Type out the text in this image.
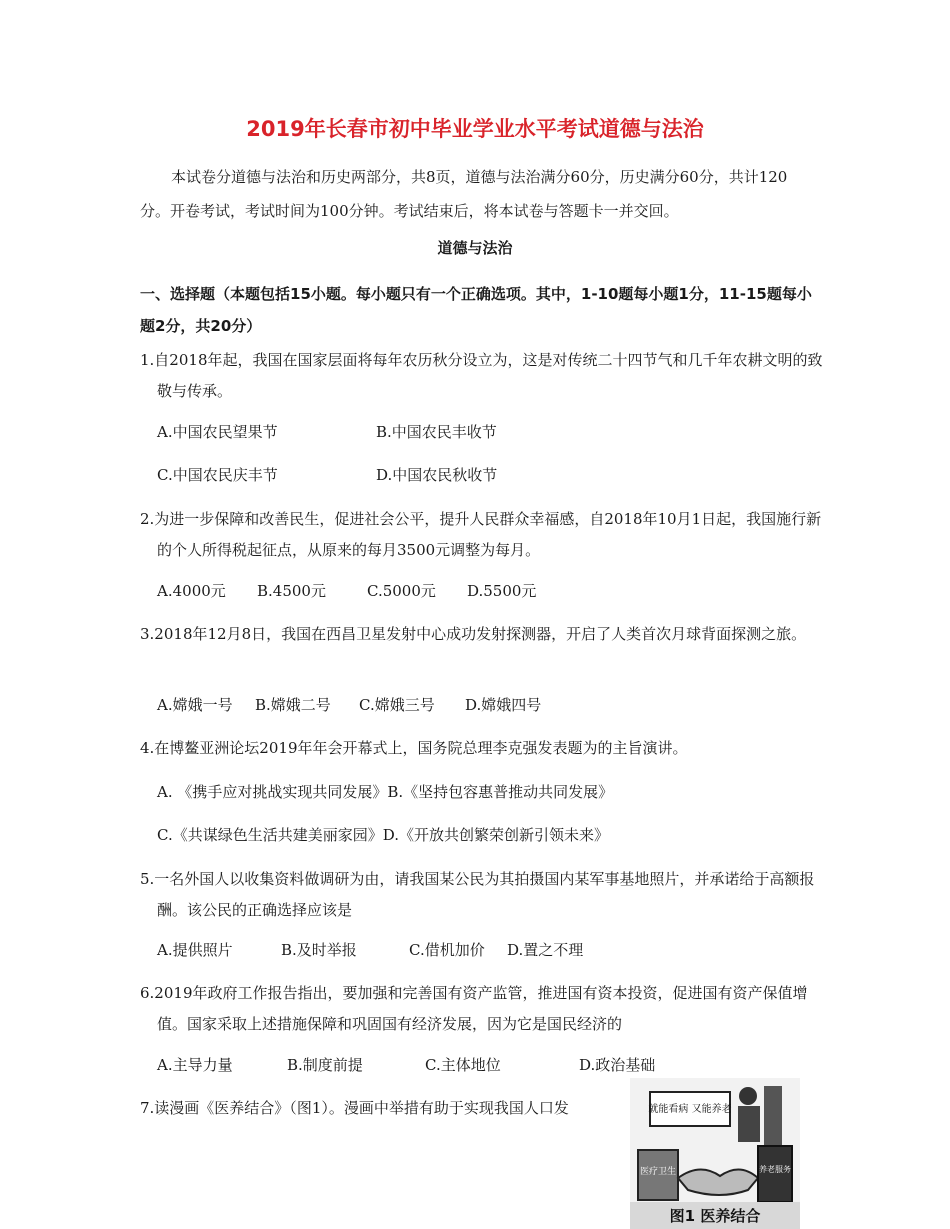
2019年长春市初中毕业学业水平考试道德与法治
本试卷分道德与法治和历史两部分，共8页，道德与法治满分60分，历史满分60分，共计120分。开卷考试，考试时间为100分钟。考试结束后，将本试卷与答题卡一并交回。
道德与法治
一、选择题（本题包括15小题。每小题只有一个正确选项。其中，1-10题每小题1分，11-15题每小题2分，共20分）
1.自2018年起，我国在国家层面将每年农历秋分设立为，这是对传统二十四节气和几千年农耕文明的致敬与传承。
A.中国农民望果节	B.中国农民丰收节
C.中国农民庆丰节	D.中国农民秋收节
2.为进一步保障和改善民生，促进社会公平，提升人民群众幸福感，自2018年10月1日起，我国施行新的个人所得税起征点，从原来的每月3500元调整为每月。
A.4000元 B.4500元	C.5000元 D.5500元
3.2018年12月8日，我国在西昌卫星发射中心成功发射探测器，开启了人类首次月球背面探测之旅。
A.嫦娥一号 B.嫦娥二号 C.嫦娥三号 D.嫦娥四号
4.在博鳌亚洲论坛2019年年会开幕式上，国务院总理李克强发表题为的主旨演讲。
A. 《携手应对挑战实现共同发展》B.《坚持包容惠普推动共同发展》
C.《共谋绿色生活共建美丽家园》D.《开放共创繁荣创新引领未来》
5.一名外国人以收集资料做调研为由，请我国某公民为其拍摄国内某军事基地照片，并承诺给于高额报酬。该公民的正确选择应该是
A.提供照片	B.及时举报	C.借机加价 D.置之不理
6.2019年政府工作报告指出，要加强和完善国有资产监管，推进国有资本投资，促进国有资产保值增值。国家采取上述措施保障和巩固国有经济发展，因为它是国民经济的
A.主导力量	B.制度前提	C.主体地位	D.政治基础
7.读漫画《医养结合》（图1）。漫画中举措有助于实现我国人口发	就能看病 又能养老
医疗卫生	养老服务
图1 医养结合
